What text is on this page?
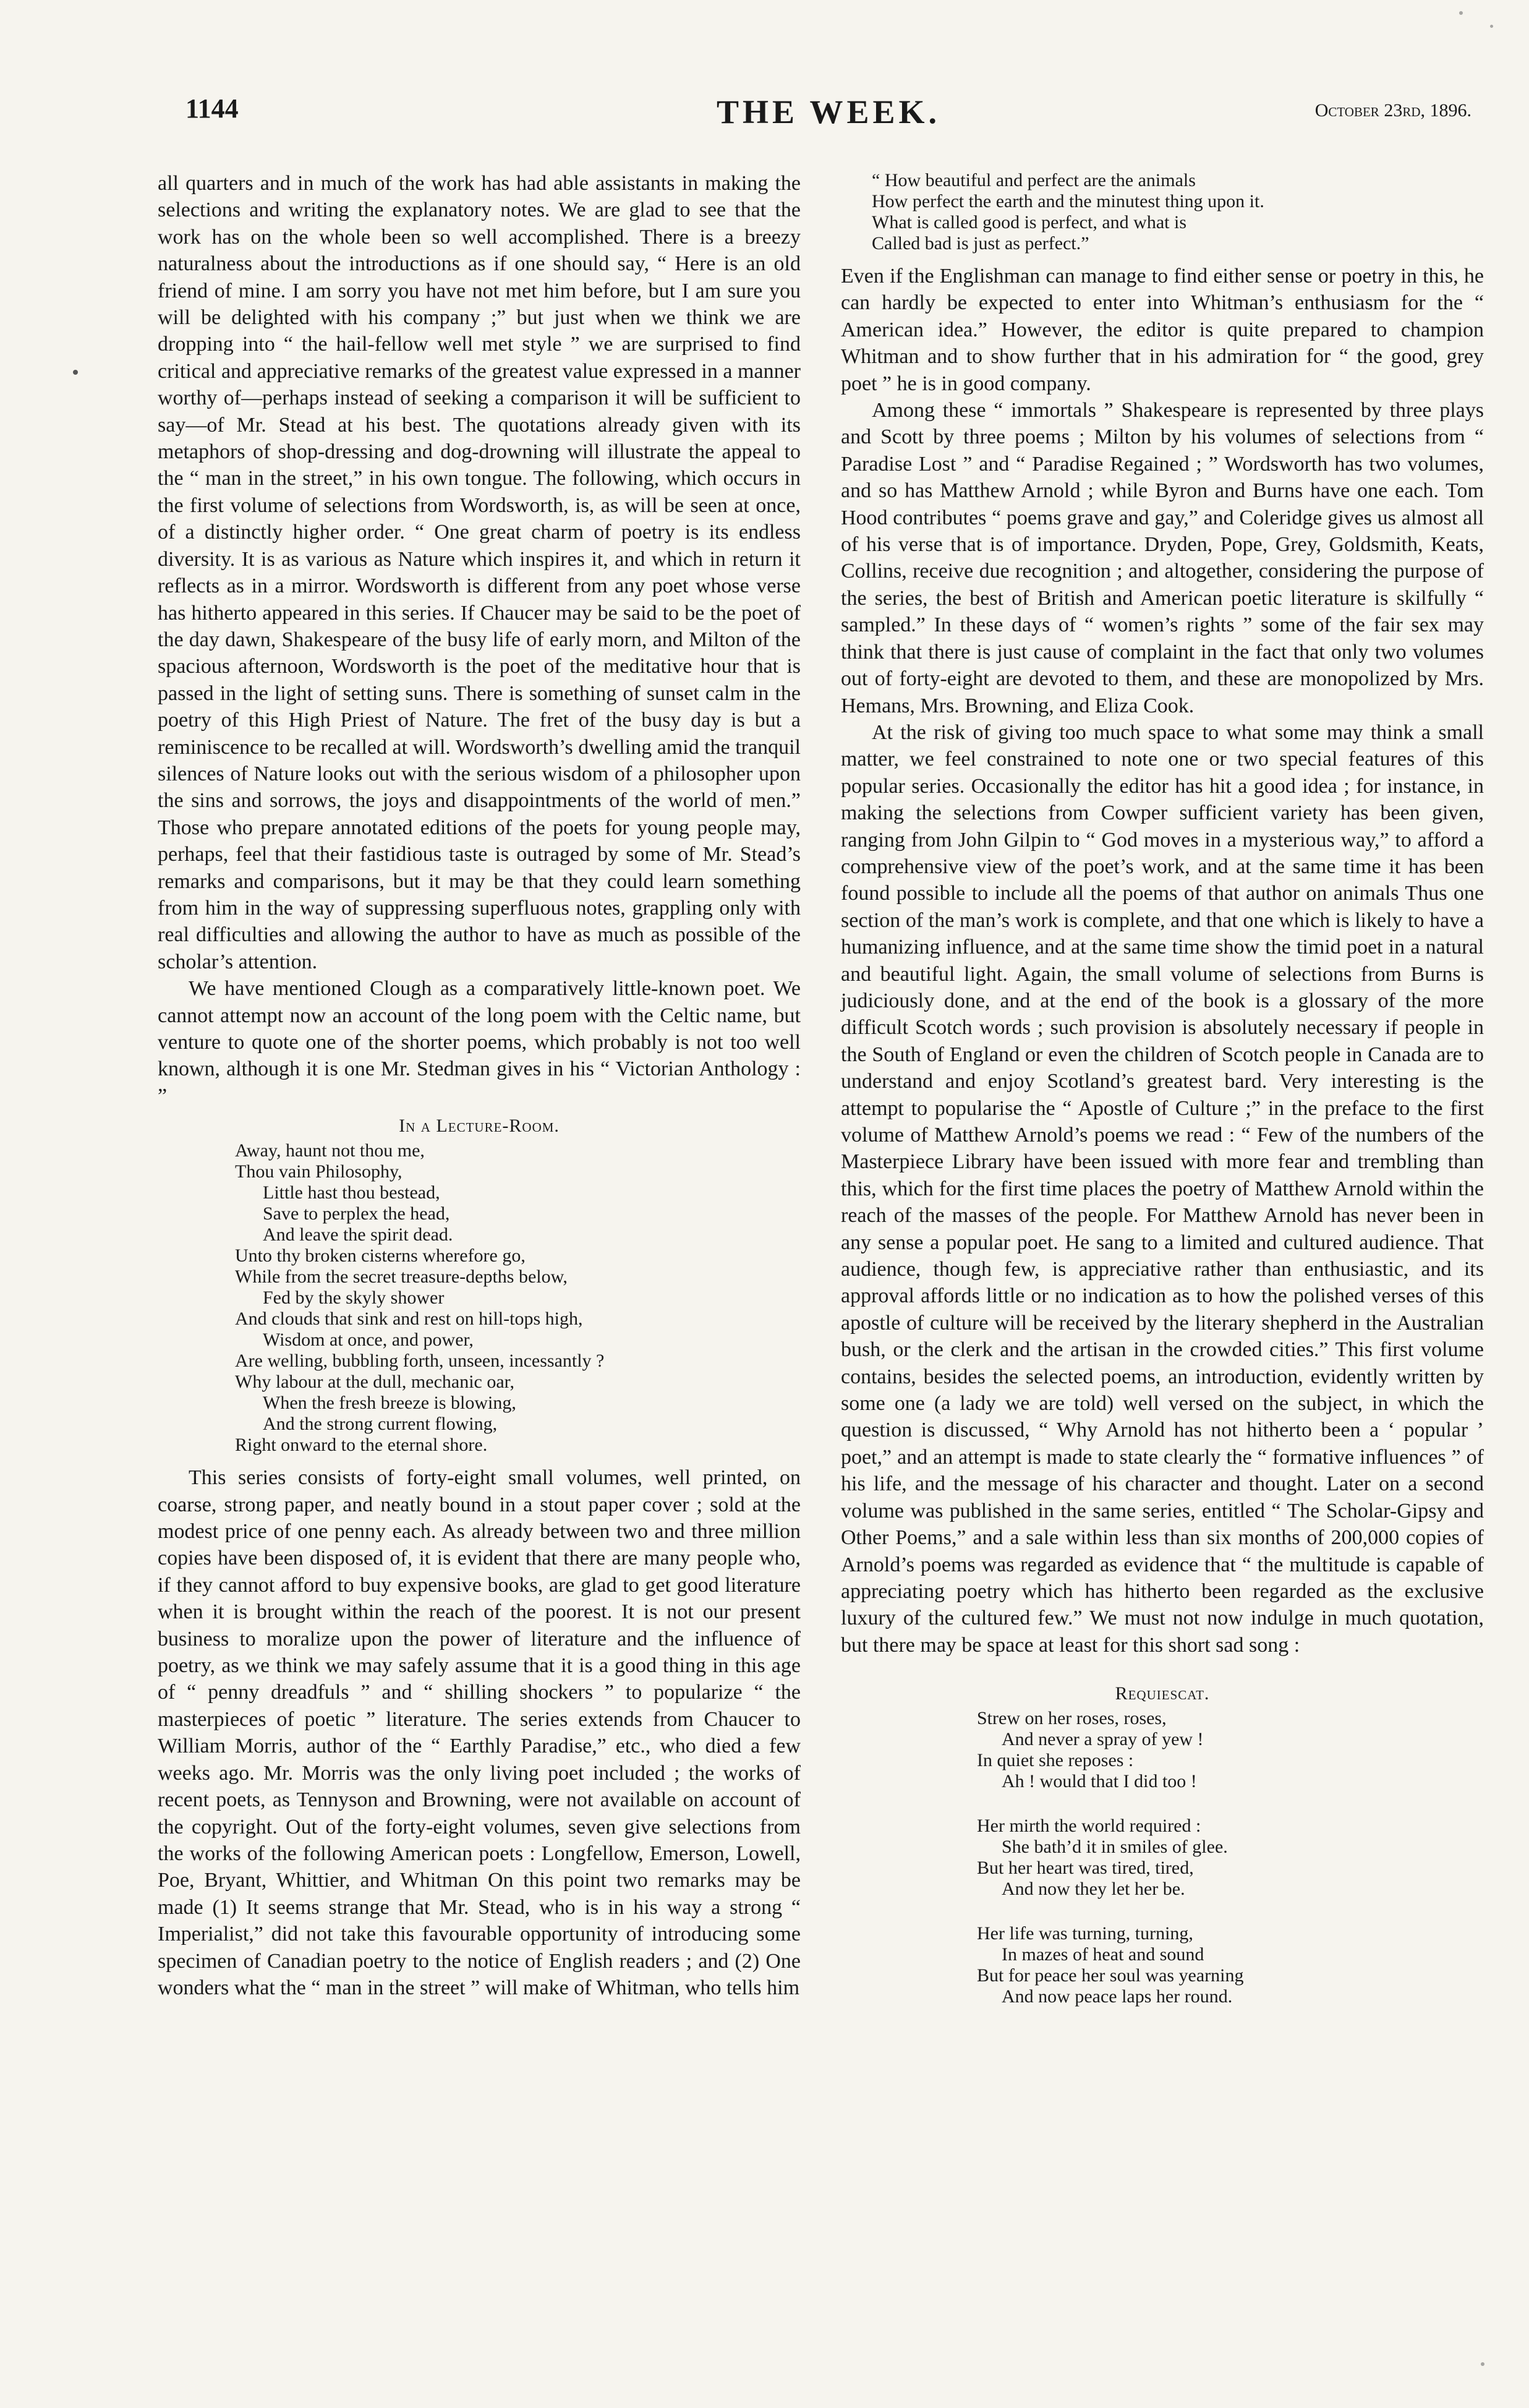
1144	THE WEEK.	October 23rd, 1896.

all quarters and in much of the work has had able assistants in making the selections and writing the explanatory notes. We are glad to see that the work has on the whole been so well accomplished. There is a breezy naturalness about the introductions as if one should say, “ Here is an old friend of mine. I am sorry you have not met him before, but I am sure you will be delighted with his company ;” but just when we think we are dropping into “ the hail-fellow well met style ” we are surprised to find critical and appreciative remarks of the greatest value expressed in a manner worthy of—perhaps instead of seeking a comparison it will be sufficient to say—of Mr. Stead at his best. The quotations already given with its metaphors of shop-dressing and dog-drowning will illustrate the appeal to the “ man in the street,” in his own tongue. The following, which occurs in the first volume of selections from Wordsworth, is, as will be seen at once, of a distinctly higher order. “ One great charm of poetry is its endless diversity. It is as various as Nature which inspires it, and which in return it reflects as in a mirror. Wordsworth is different from any poet whose verse has hitherto appeared in this series. If Chaucer may be said to be the poet of the day dawn, Shakespeare of the busy life of early morn, and Milton of the spacious afternoon, Wordsworth is the poet of the meditative hour that is passed in the light of setting suns. There is something of sunset calm in the poetry of this High Priest of Nature. The fret of the busy day is but a reminiscence to be recalled at will. Wordsworth’s dwelling amid the tranquil silences of Nature looks out with the serious wisdom of a philosopher upon the sins and sorrows, the joys and disappointments of the world of men.” Those who prepare annotated editions of the poets for young people may, perhaps, feel that their fastidious taste is outraged by some of Mr. Stead’s remarks and comparisons, but it may be that they could learn something from him in the way of suppressing superfluous notes, grappling only with real difficulties and allowing the author to have as much as possible of the scholar’s attention.

We have mentioned Clough as a comparatively little-known poet. We cannot attempt now an account of the long poem with the Celtic name, but venture to quote one of the shorter poems, which probably is not too well known, although it is one Mr. Stedman gives in his “ Victorian Anthology : ”

In a Lecture-Room.
Away, haunt not thou me,
Thou vain Philosophy,
Little hast thou bestead,
Save to perplex the head,
And leave the spirit dead.
Unto thy broken cisterns wherefore go,
While from the secret treasure-depths below,
Fed by the skyly shower
And clouds that sink and rest on hill-tops high,
Wisdom at once, and power,
Are welling, bubbling forth, unseen, incessantly ?
Why labour at the dull, mechanic oar,
When the fresh breeze is blowing,
And the strong current flowing,
Right onward to the eternal shore.

This series consists of forty-eight small volumes, well printed, on coarse, strong paper, and neatly bound in a stout paper cover ; sold at the modest price of one penny each. As already between two and three million copies have been disposed of, it is evident that there are many people who, if they cannot afford to buy expensive books, are glad to get good literature when it is brought within the reach of the poorest. It is not our present business to moralize upon the power of literature and the influence of poetry, as we think we may safely assume that it is a good thing in this age of “ penny dreadfuls ” and “ shilling shockers ” to popularize “ the masterpieces of poetic ” literature. The series extends from Chaucer to William Morris, author of the “ Earthly Paradise,” etc., who died a few weeks ago. Mr. Morris was the only living poet included ; the works of recent poets, as Tennyson and Browning, were not available on account of the copyright. Out of the forty-eight volumes, seven give selections from the works of the following American poets : Longfellow, Emerson, Lowell, Poe, Bryant, Whittier, and Whitman On this point two remarks may be made (1) It seems strange that Mr. Stead, who is in his way a strong “ Imperialist,” did not take this favourable opportunity of introducing some specimen of Canadian poetry to the notice of English readers ; and (2) One wonders what the “ man in the street ” will make of Whitman, who tells him

“ How beautiful and perfect are the animals
How perfect the earth and the minutest thing upon it.
What is called good is perfect, and what is
Called bad is just as perfect.”

Even if the Englishman can manage to find either sense or poetry in this, he can hardly be expected to enter into Whitman’s enthusiasm for the “ American idea.” However, the editor is quite prepared to champion Whitman and to show further that in his admiration for “ the good, grey poet ” he is in good company.

Among these “ immortals ” Shakespeare is represented by three plays and Scott by three poems ; Milton by his volumes of selections from “ Paradise Lost ” and “ Paradise Regained ; ” Wordsworth has two volumes, and so has Matthew Arnold ; while Byron and Burns have one each. Tom Hood contributes “ poems grave and gay,” and Coleridge gives us almost all of his verse that is of importance. Dryden, Pope, Grey, Goldsmith, Keats, Collins, receive due recognition ; and altogether, considering the purpose of the series, the best of British and American poetic literature is skilfully “ sampled.” In these days of “ women’s rights ” some of the fair sex may think that there is just cause of complaint in the fact that only two volumes out of forty-eight are devoted to them, and these are monopolized by Mrs. Hemans, Mrs. Browning, and Eliza Cook.

At the risk of giving too much space to what some may think a small matter, we feel constrained to note one or two special features of this popular series. Occasionally the editor has hit a good idea ; for instance, in making the selections from Cowper sufficient variety has been given, ranging from John Gilpin to “ God moves in a mysterious way,” to afford a comprehensive view of the poet’s work, and at the same time it has been found possible to include all the poems of that author on animals Thus one section of the man’s work is complete, and that one which is likely to have a humanizing influence, and at the same time show the timid poet in a natural and beautiful light. Again, the small volume of selections from Burns is judiciously done, and at the end of the book is a glossary of the more difficult Scotch words ; such provision is absolutely necessary if people in the South of England or even the children of Scotch people in Canada are to understand and enjoy Scotland’s greatest bard. Very interesting is the attempt to popularise the “ Apostle of Culture ;” in the preface to the first volume of Matthew Arnold’s poems we read : “ Few of the numbers of the Masterpiece Library have been issued with more fear and trembling than this, which for the first time places the poetry of Matthew Arnold within the reach of the masses of the people. For Matthew Arnold has never been in any sense a popular poet. He sang to a limited and cultured audience. That audience, though few, is appreciative rather than enthusiastic, and its approval affords little or no indication as to how the polished verses of this apostle of culture will be received by the literary shepherd in the Australian bush, or the clerk and the artisan in the crowded cities.” This first volume contains, besides the selected poems, an introduction, evidently written by some one (a lady we are told) well versed on the subject, in which the question is discussed, “ Why Arnold has not hitherto been a ‘ popular ’ poet,” and an attempt is made to state clearly the “ formative influences ” of his life, and the message of his character and thought. Later on a second volume was published in the same series, entitled “ The Scholar-Gipsy and Other Poems,” and a sale within less than six months of 200,000 copies of Arnold’s poems was regarded as evidence that “ the multitude is capable of appreciating poetry which has hitherto been regarded as the exclusive luxury of the cultured few.” We must not now indulge in much quotation, but there may be space at least for this short sad song :

Requiescat.
Strew on her roses, roses,
And never a spray of yew !
In quiet she reposes :
Ah ! would that I did too !
Her mirth the world required :
She bath’d it in smiles of glee.
But her heart was tired, tired,
And now they let her be.
Her life was turning, turning,
In mazes of heat and sound
But for peace her soul was yearning
And now peace laps her round.
